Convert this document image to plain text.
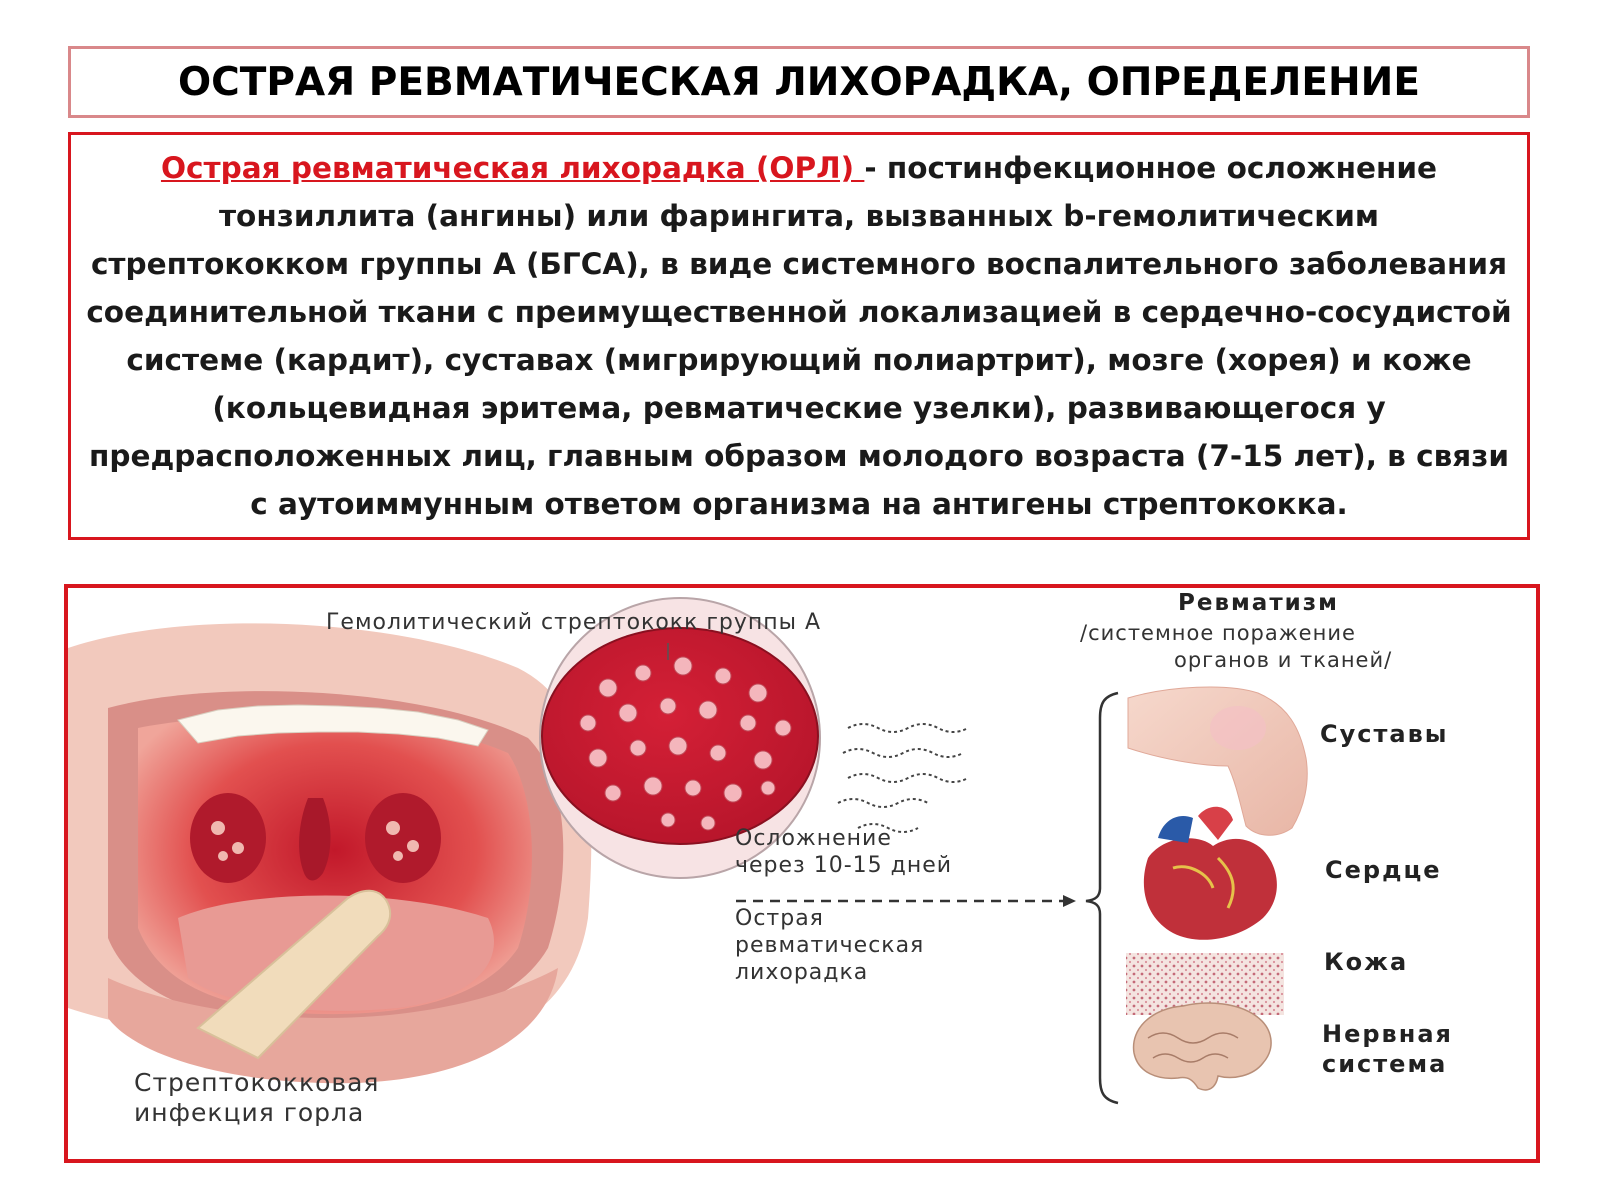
ОСТРАЯ РЕВМАТИЧЕСКАЯ ЛИХОРАДКА, ОПРЕДЕЛЕНИЕ

Острая ревматическая лихорадка (ОРЛ) - постинфекционное осложнение тонзиллита (ангины) или фарингита, вызванных b-гемолитическим стрептококком группы А (БГСА), в виде системного воспалительного заболевания соединительной ткани с преимущественной локализацией в сердечно-сосудистой системе (кардит), суставах (мигрирующий полиартрит), мозге (хорея) и коже (кольцевидная эритема, ревматические узелки), развивающегося у предрасположенных лиц, главным образом молодого возраста (7-15 лет), в связи с аутоиммунным ответом организма на антигены стрептококка.

Гемолитический стрептококк группы А
Стрептококковая
инфекция горла
Осложнение
через 10-15 дней
Острая
ревматическая
лихорадка
Ревматизм
/системное поражение
органов и тканей/
Суставы
Сердце
Кожа
Нервная
система
